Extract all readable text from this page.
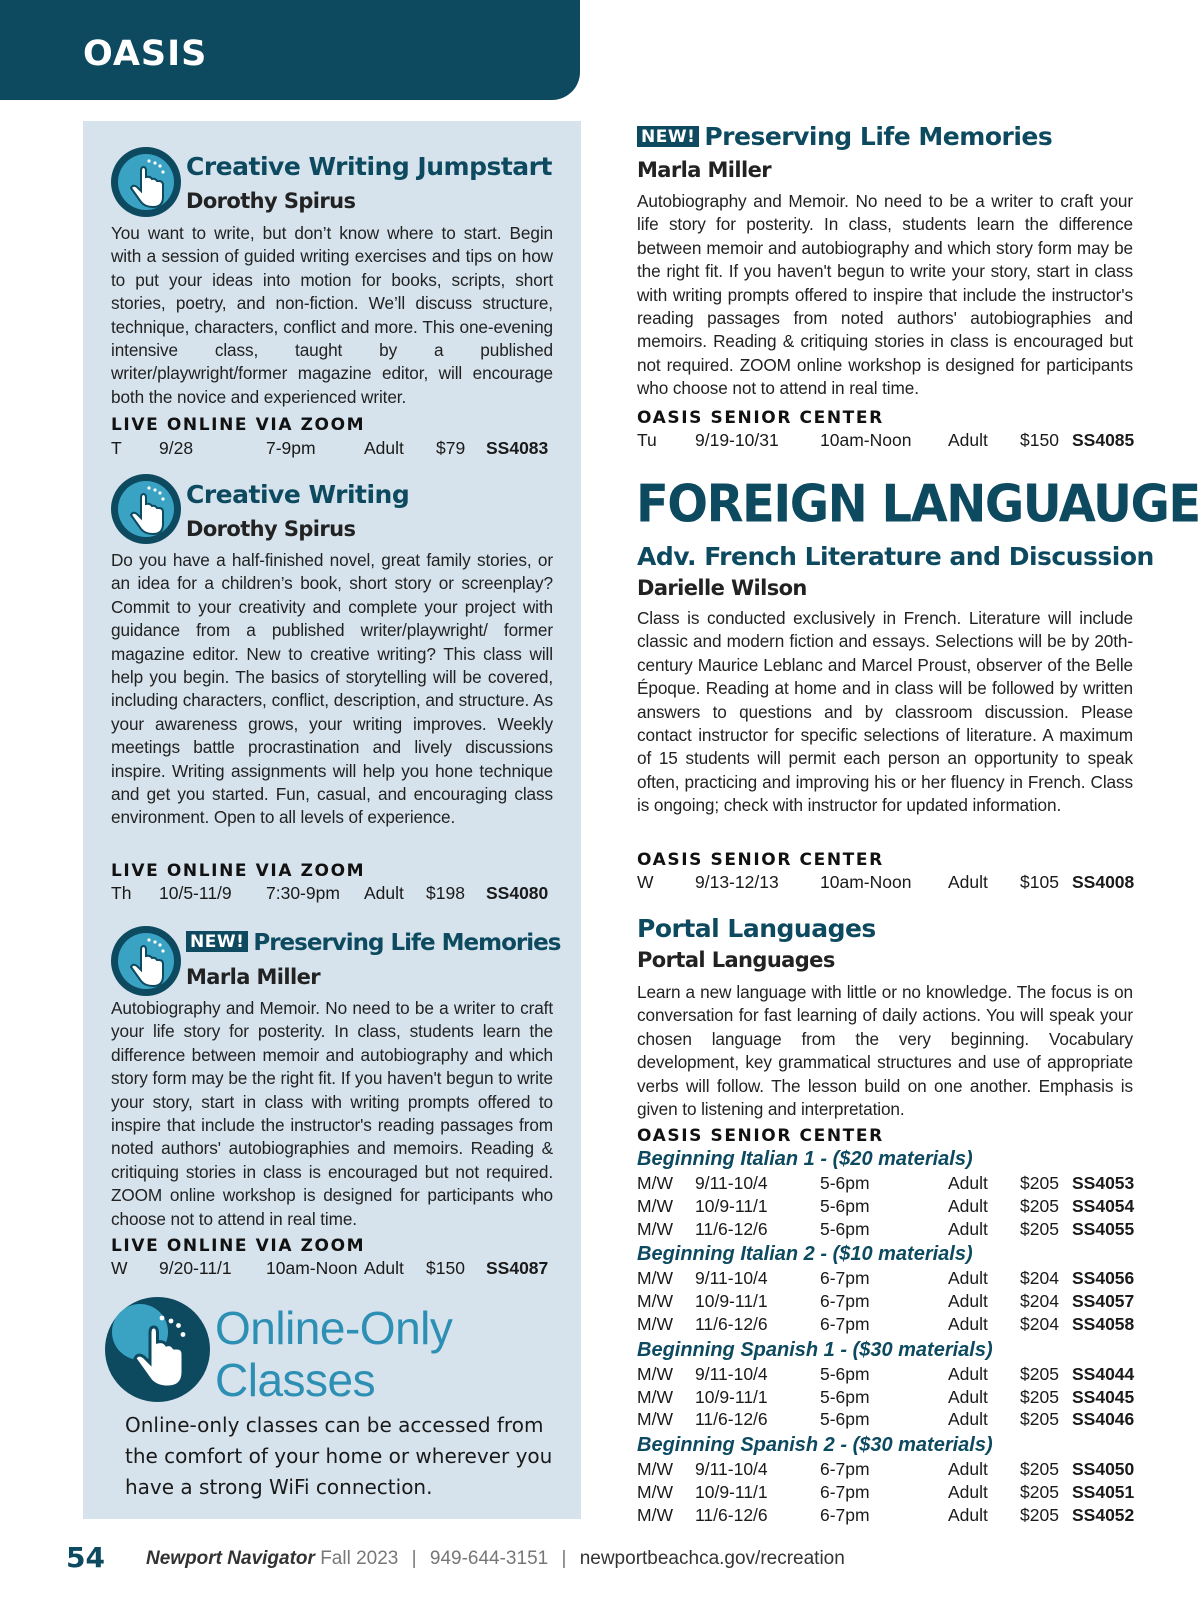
OASIS
Creative Writing Jumpstart
Dorothy Spirus
You want to write, but don’t know where to start. Begin with a session of guided writing exercises and tips on how to put your ideas into motion for books, scripts, short stories, poetry, and non-fiction. We’ll discuss structure, technique, characters, conflict and more. This one-evening intensive class, taught by a published writer/playwright/former magazine editor, will encourage both the novice and experienced writer.
LIVE ONLINE VIA ZOOM
T 9/28	7-9pm	Adult $79 SS4083
Creative Writing
Dorothy Spirus
Do you have a half-finished novel, great family stories, or an idea for a children’s book, short story or screenplay? Commit to your creativity and complete your project with guidance from a published writer/playwright/ former magazine editor. New to creative writing? This class will help you begin. The basics of storytelling will be covered, including characters, conflict, description, and structure. As your awareness grows, your writing improves. Weekly meetings battle procrastination and lively discussions inspire. Writing assignments will help you hone technique and get you started. Fun, casual, and encouraging class environment. Open to all levels of experience.
LIVE ONLINE VIA ZOOM
Th 10/5-11/9 7:30-9pm Adult $198 SS4080
NEW! Preserving Life Memories
Marla Miller
Autobiography and Memoir. No need to be a writer to craft your life story for posterity. In class, students learn the difference between memoir and autobiography and which story form may be the right fit. If you haven't begun to write your story, start in class with writing prompts offered to inspire that include the instructor's reading passages from noted authors' autobiographies and memoirs. Reading & critiquing stories in class is encouraged but not required. ZOOM online workshop is designed for participants who choose not to attend in real time.
LIVE ONLINE VIA ZOOM
W 9/20-11/1 10am-Noon Adult $150 SS4087
Online-Only
Classes
Online-only classes can be accessed from the comfort of your home or wherever you have a strong WiFi connection.
NEW! Preserving Life Memories
Marla Miller
Autobiography and Memoir. No need to be a writer to craft your life story for posterity. In class, students learn the difference between memoir and autobiography and which story form may be the right fit. If you haven't begun to write your story, start in class with writing prompts offered to inspire that include the instructor's reading passages from noted authors' autobiographies and memoirs. Reading & critiquing stories in class is encouraged but not required. ZOOM online workshop is designed for participants who choose not to attend in real time.
OASIS SENIOR CENTER
Tu 9/19-10/31 10am-Noon Adult $150 SS4085
FOREIGN LANGUAUGE
Adv. French Literature and Discussion
Darielle Wilson
Class is conducted exclusively in French. Literature will include classic and modern fiction and essays. Selections will be by 20th-century Maurice Leblanc and Marcel Proust, observer of the Belle Époque. Reading at home and in class will be followed by written answers to questions and by classroom discussion. Please contact instructor for specific selections of literature. A maximum of 15 students will permit each person an opportunity to speak often, practicing and improving his or her fluency in French. Class is ongoing; check with instructor for updated information.
OASIS SENIOR CENTER
W 9/13-12/13 10am-Noon Adult $105 SS4008
Portal Languages
Portal Languages
Learn a new language with little or no knowledge. The focus is on conversation for fast learning of daily actions. You will speak your chosen language from the very beginning. Vocabulary development, key grammatical structures and use of appropriate verbs will follow. The lesson build on one another. Emphasis is given to listening and interpretation.
OASIS SENIOR CENTER
Beginning Italian 1 - ($20 materials)
M/W 9/11-10/4	5-6pm	Adult $205 SS4053
M/W 10/9-11/1	5-6pm	Adult $205 SS4054
M/W 11/6-12/6	5-6pm	Adult $205 SS4055
Beginning Italian 2 - ($10 materials)
M/W 9/11-10/4	6-7pm	Adult $204 SS4056
M/W 10/9-11/1	6-7pm	Adult $204 SS4057
M/W 11/6-12/6	6-7pm	Adult $204 SS4058
Beginning Spanish 1 - ($30 materials)
M/W 9/11-10/4	5-6pm	Adult $205 SS4044
M/W 10/9-11/1	5-6pm	Adult $205 SS4045
M/W 11/6-12/6	5-6pm	Adult $205 SS4046
Beginning Spanish 2 - ($30 materials)
M/W 9/11-10/4	6-7pm	Adult $205 SS4050
M/W 10/9-11/1	6-7pm	Adult $205 SS4051
M/W 11/6-12/6	6-7pm	Adult $205 SS4052
54 Newport Navigator Fall 2023 | 949-644-3151 | newportbeachca.gov/recreation
